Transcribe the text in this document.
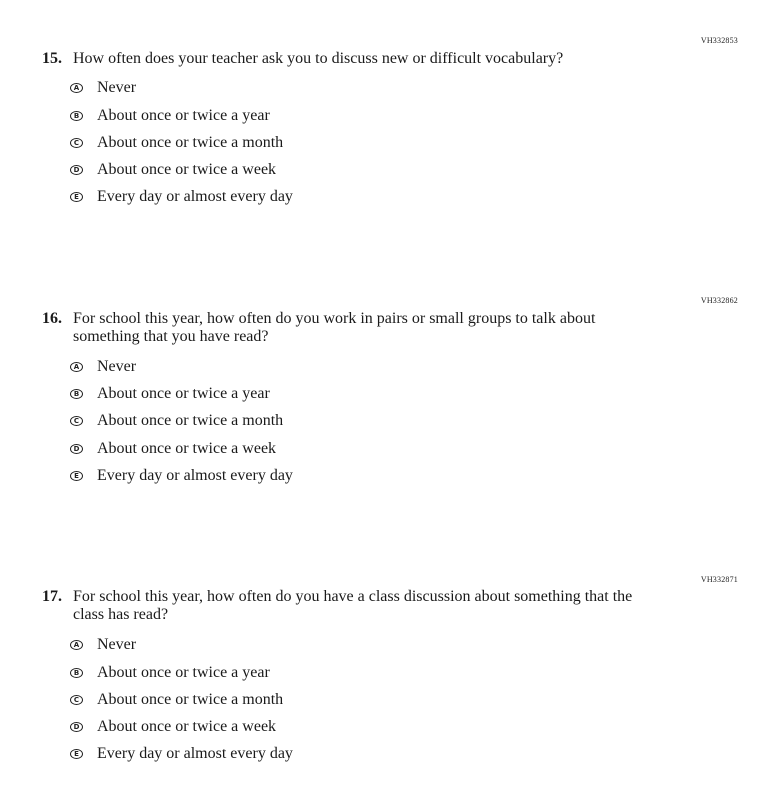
VH332853
15. How often does your teacher ask you to discuss new or difficult vocabulary?
A Never
B About once or twice a year
C About once or twice a month
D About once or twice a week
E Every day or almost every day
VH332862
16. For school this year, how often do you work in pairs or small groups to talk about something that you have read?
A Never
B About once or twice a year
C About once or twice a month
D About once or twice a week
E Every day or almost every day
VH332871
17. For school this year, how often do you have a class discussion about something that the class has read?
A Never
B About once or twice a year
C About once or twice a month
D About once or twice a week
E Every day or almost every day
